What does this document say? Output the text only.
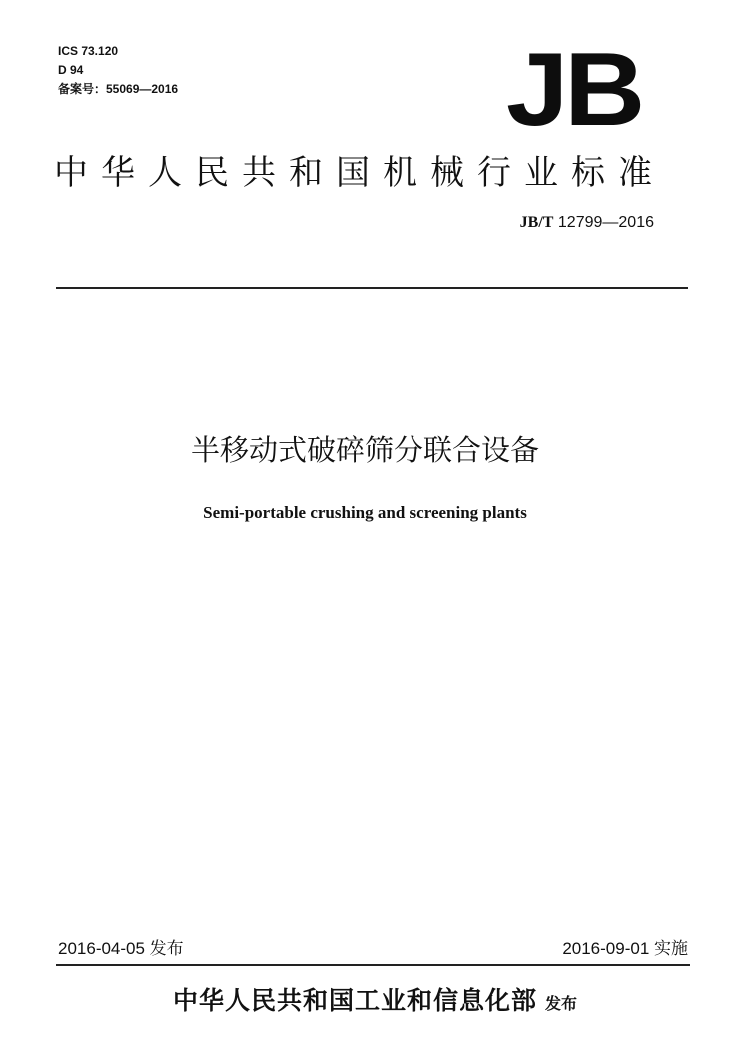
ICS 73.120
D 94
备案号：55069—2016	JB
中华人民共和国机械行业标准
JB/T 12799—2016
半移动式破碎筛分联合设备
Semi-portable crushing and screening plants
2016-04-05 发布	2016-09-01 实施
中华人民共和国工业和信息化部 发布
